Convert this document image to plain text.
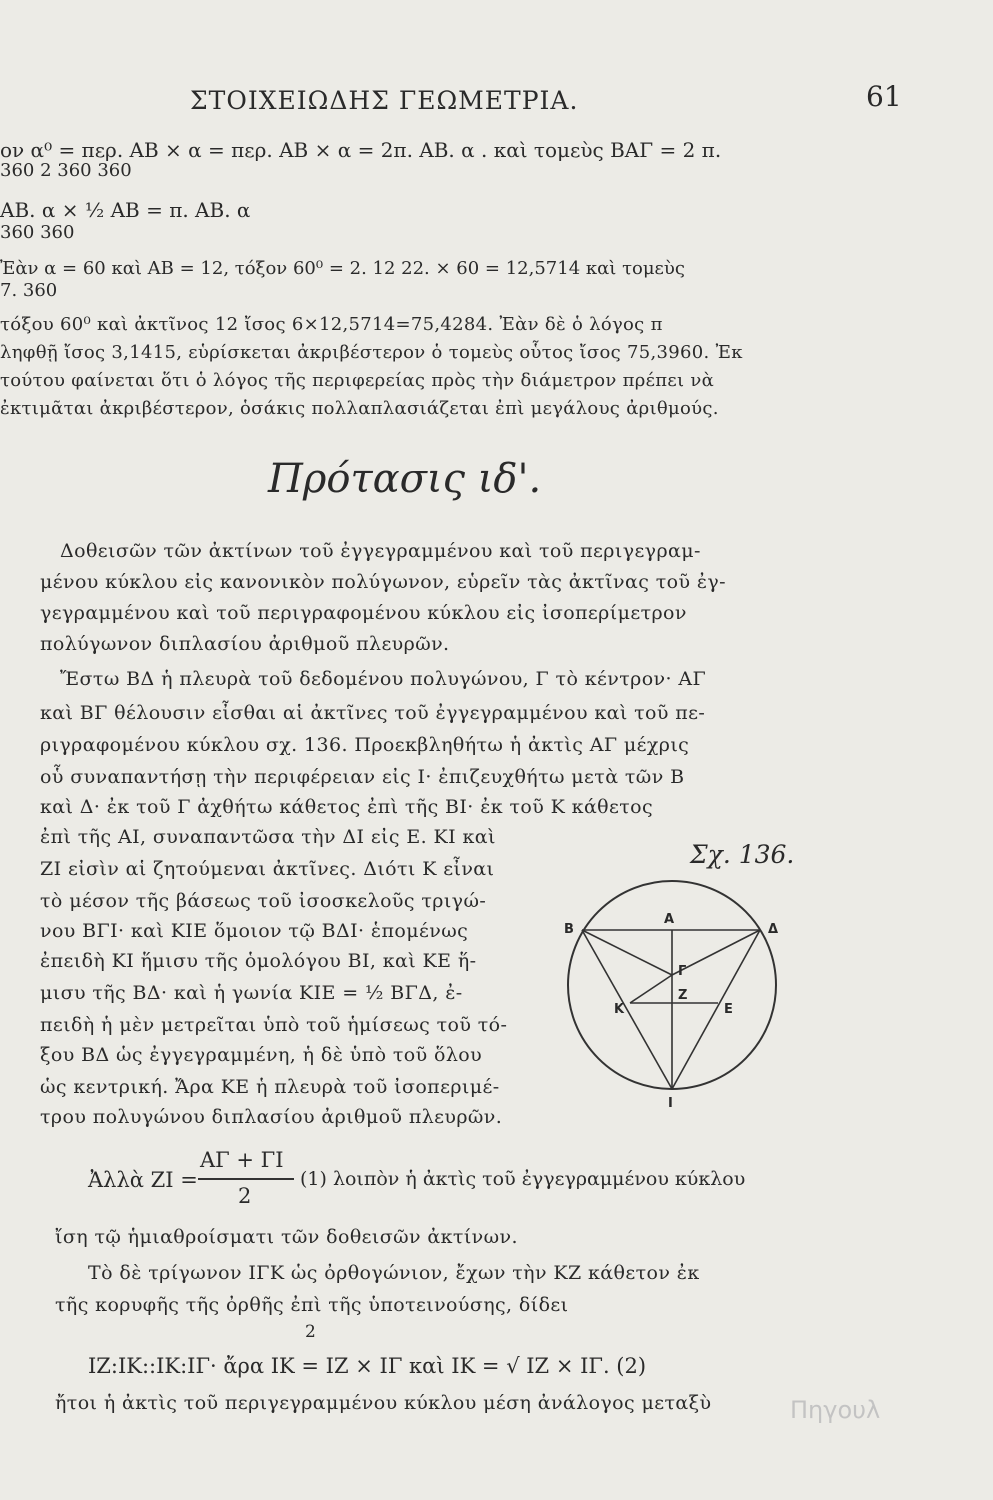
ΣΤΟΙΧΕΙΩΔΗΣ ΓΕΩΜΕΤΡΙΑ.	61
ον α⁰ = περ. ΑΒ × α = περ. ΑΒ × α = 2π. ΑΒ. α . καὶ τομεὺς ΒΑΓ = 2 π.
360 2 360 360
ΑΒ. α × ½ ΑΒ = π. ΑΒ. α
360 360
Ἐὰν α = 60 καὶ ΑΒ = 12, τόξον 60⁰ = 2. 12 22. × 60 = 12,5714 καὶ τομεὺς
7. 360
τόξου 60⁰ καὶ ἀκτῖνος 12 ἴσος 6×12,5714=75,4284. Ἐὰν δὲ ὁ λόγος π
ληφθῇ ἴσος 3,1415, εὑρίσκεται ἀκριβέστερον ὁ τομεὺς οὗτος ἴσος 75,3960. Ἐκ
τούτου φαίνεται ὅτι ὁ λόγος τῆς περιφερείας πρὸς τὴν διάμετρον πρέπει νὰ
ἐκτιμᾶται ἀκριβέστερον, ὁσάκις πολλαπλασιάζεται ἐπὶ μεγάλους ἀριθμούς.
Πρότασις ιδ'.
Δοθεισῶν τῶν ἀκτίνων τοῦ ἐγγεγραμμένου καὶ τοῦ περιγεγραμ-
μένου κύκλου εἰς κανονικὸν πολύγωνον, εὑρεῖν τὰς ἀκτῖνας τοῦ ἐγ-
γεγραμμένου καὶ τοῦ περιγραφομένου κύκλου εἰς ἰσοπερίμετρον
πολύγωνον διπλασίου ἀριθμοῦ πλευρῶν.
Ἔστω ΒΔ ἡ πλευρὰ τοῦ δεδομένου πολυγώνου, Γ τὸ κέντρον· ΑΓ
καὶ ΒΓ θέλουσιν εἶσθαι αἱ ἀκτῖνες τοῦ ἐγγεγραμμένου καὶ τοῦ πε-
ριγραφομένου κύκλου σχ. 136. Προεκβληθήτω ἡ ἀκτὶς ΑΓ μέχρις
οὗ συναπαντήσῃ τὴν περιφέρειαν εἰς Ι· ἐπιζευχθήτω μετὰ τῶν Β
καὶ Δ· ἐκ τοῦ Γ ἀχθήτω κάθετος ἐπὶ τῆς ΒΙ· ἐκ τοῦ Κ κάθετος
ἐπὶ τῆς ΑΙ, συναπαντῶσα τὴν ΔΙ εἰς Ε. ΚΙ καὶ
ΖΙ εἰσὶν αἱ ζητούμεναι ἀκτῖνες. Διότι Κ εἶναι
τὸ μέσον τῆς βάσεως τοῦ ἰσοσκελοῦς τριγώ-
νου ΒΓΙ· καὶ ΚΙΕ ὅμοιον τῷ ΒΔΙ· ἑπομένως
ἐπειδὴ ΚΙ ἥμισυ τῆς ὁμολόγου ΒΙ, καὶ ΚΕ ἥ-
μισυ τῆς ΒΔ· καὶ ἡ γωνία ΚΙΕ = ½ ΒΓΔ, ἐ-
πειδὴ ἡ μὲν μετρεῖται ὑπὸ τοῦ ἡμίσεως τοῦ τό-
ξου ΒΔ ὡς ἐγγεγραμμένη, ἡ δὲ ὑπὸ τοῦ ὅλου
ὡς κεντρική. Ἄρα ΚΕ ἡ πλευρὰ τοῦ ἰσοπεριμέ-
τρου πολυγώνου διπλασίου ἀριθμοῦ πλευρῶν.
Σχ. 136.
Α
Β	Δ
Γ
Κ
Ζ
Ε
Ι
Ἀλλὰ ΖΙ =
ΑΓ + ΓΙ
2
(1) λοιπὸν ἡ ἀκτὶς τοῦ ἐγγεγραμμένου κύκλου
ἴση τῷ ἡμιαθροίσματι τῶν δοθεισῶν ἀκτίνων.
Τὸ δὲ τρίγωνον ΙΓΚ ὡς ὀρθογώνιον, ἔχων τὴν ΚΖ κάθετον ἐκ
τῆς κορυφῆς τῆς ὀρθῆς ἐπὶ τῆς ὑποτεινούσης, δίδει
2
ΙΖ:ΙΚ::ΙΚ:ΙΓ· ἄρα ΙΚ = ΙΖ × ΙΓ καὶ ΙΚ = √ ΙΖ × ΙΓ. (2)
ἤτοι ἡ ἀκτὶς τοῦ περιγεγραμμένου κύκλου μέση ἀνάλογος μεταξὺ	Πηγουλ
